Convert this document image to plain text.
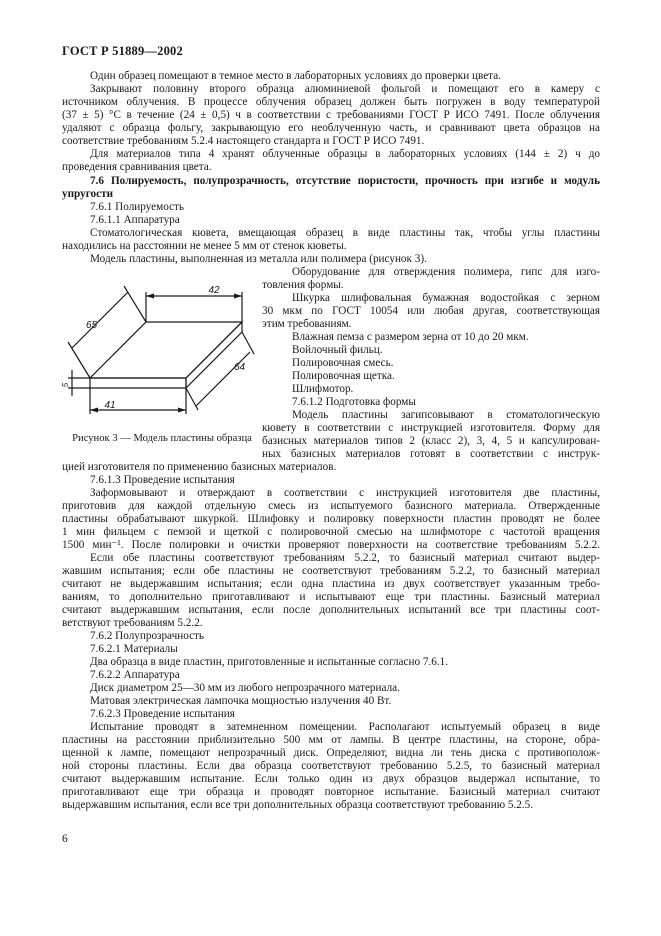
ГОСТ Р 51889—2002
Один образец помещают в темное место в лабораторных условиях до проверки цвета.
Закрывают половину второго образца алюминиевой фольгой и помещают его в камеру с
источником облучения. В процессе облучения образец должен быть погружен в воду температурой
(37 ± 5) °C в течение (24 ± 0,5) ч в соответствии с требованиями ГОСТ Р ИСО 7491. После облучения
удаляют с образца фольгу, закрывающую его необлученную часть, и сравнивают цвета образцов на
соответствие требованиям 5.2.4 настоящего стандарта и ГОСТ Р ИСО 7491.
Для материалов типа 4 хранят облученные образцы в лабораторных условиях (144 ± 2) ч до
проведения сравнивания цвета.
7.6 Полируемость, полупрозрачность, отсутствие пористости, прочность при изгибе и модуль
упругости
7.6.1 Полируемость
7.6.1.1 Аппаратура
Стоматологическая кювета, вмещающая образец в виде пластины так, чтобы углы пластины
находились на расстоянии не менее 5 мм от стенок кюветы.
Модель пластины, выполненная из металла или полимера (рисунок 3).
Оборудование для отверждения полимера, гипс для изго-
товления формы.
Шкурка шлифовальная бумажная водостойкая с зерном
30 мкм по ГОСТ 10054 или любая другая, соответствующая
этим требованиям.
Влажная пемза с размером зерна от 10 до 20 мкм.
Войлочный фильц.
Полировочная смесь.
Полировочная щетка.
Шлифмотор.
7.6.1.2 Подготовка формы
Модель пластины загипсовывают в стоматологическую
кювету в соответствии с инструкцией изготовителя. Форму для
базисных материалов типов 2 (класс 2), 3, 4, 5 и капсулирован-
ных базисных материалов готовят в соответствии с инструк-
цией изготовителя по применению базисных материалов.
7.6.1.3 Проведение испытания
Заформовывают и отверждают в соответствии с инструкцией изготовителя две пластины,
приготовив для каждой отдельную смесь из испытуемого базисного материала. Отвержденные
пластины обрабатывают шкуркой. Шлифовку и полировку поверхности пластин проводят не более
1 мин фильцем с пемзой и щеткой с полировочной смесью на шлифмоторе с частотой вращения
1500 мин⁻¹. После полировки и очистки проверяют поверхности на соответствие требованиям 5.2.2.
Если обе пластины соответствуют требованиям 5.2.2, то базисный материал считают выдер-
жавшим испытания; если обе пластины не соответствуют требованиям 5.2.2, то базисный материал
считают не выдержавшим испытания; если одна пластина из двух соответствует указанным требо-
ваниям, то дополнительно приготавливают и испытывают еще три пластины. Базисный материал
считают выдержавшим испытания, если после дополнительных испытаний все три пластины соот-
ветствуют требованиям 5.2.2.
7.6.2 Полупрозрачность
7.6.2.1 Материалы
Два образца в виде пластин, приготовленные и испытанные согласно 7.6.1.
7.6.2.2 Аппаратура
Диск диаметром 25—30 мм из любого непрозрачного материала.
Матовая электрическая лампочка мощностью излучения 40 Вт.
7.6.2.3 Проведение испытания
Испытание проводят в затемненном помещении. Располагают испытуемый образец в виде
пластины на расстоянии приблизительно 500 мм от лампы. В центре пластины, на стороне, обра-
щенной к лампе, помещают непрозрачный диск. Определяют, видна ли тень диска с противополож-
ной стороны пластины. Если два образца соответствуют требованию 5.2.5, то базисный материал
считают выдержавшим испытание. Если только один из двух образцов выдержал испытание, то
приготавливают еще три образца и проводят повторное испытание. Базисный материал считают
выдержавшим испытания, если все три дополнительных образца соответствуют требованию 5.2.5.
42
65
64
5
41
Рисунок 3 — Модель пластины образца
6
